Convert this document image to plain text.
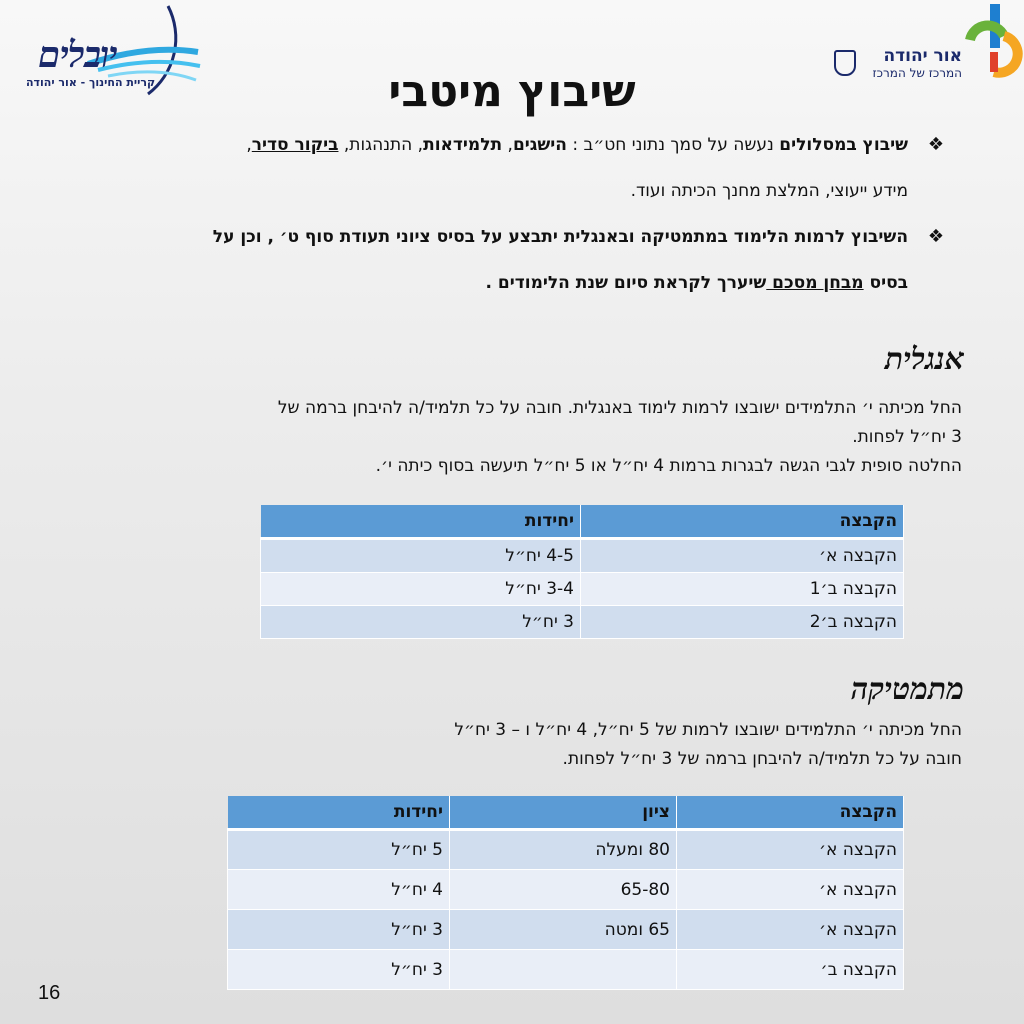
יובלים
קריית החינוך - אור יהודה
אור יהודה
המרכז של המרכז
שיבוץ מיטבי
❖
שיבוץ במסלולים נעשה על סמך נתוני חט״ב : הישגים, תלמידאות, התנהגות, ביקור סדיר,
מידע ייעוצי, המלצת מחנך הכיתה ועוד.
❖
השיבוץ לרמות הלימוד במתמטיקה ובאנגלית יתבצע על בסיס ציוני תעודת סוף ט׳ , וכן על
בסיס מבחן מסכם שיערך לקראת סיום שנת הלימודים .
אנגלית
החל מכיתה י׳ התלמידים ישובצו לרמות לימוד באנגלית. חובה על כל תלמיד/ה להיבחן ברמה של
3 יח״ל לפחות.
החלטה סופית לגבי הגשה לבגרות ברמות 4 יח״ל או 5 יח״ל תיעשה בסוף כיתה י׳.
הקבצה	יחידות
הקבצה א׳	4-5 יח״ל
הקבצה ב׳1	3-4 יח״ל
הקבצה ב׳2	3 יח״ל
מתמטיקה
החל מכיתה י׳ התלמידים ישובצו לרמות של 5 יח״ל, 4 יח״ל ו – 3 יח״ל
חובה על כל תלמיד/ה להיבחן ברמה של 3 יח״ל לפחות.
הקבצה	ציון	יחידות
הקבצה א׳	80 ומעלה	5 יח״ל
הקבצה א׳	65-80	4 יח״ל
הקבצה א׳	65 ומטה	3 יח״ל
הקבצה ב׳		3 יח״ל
16
